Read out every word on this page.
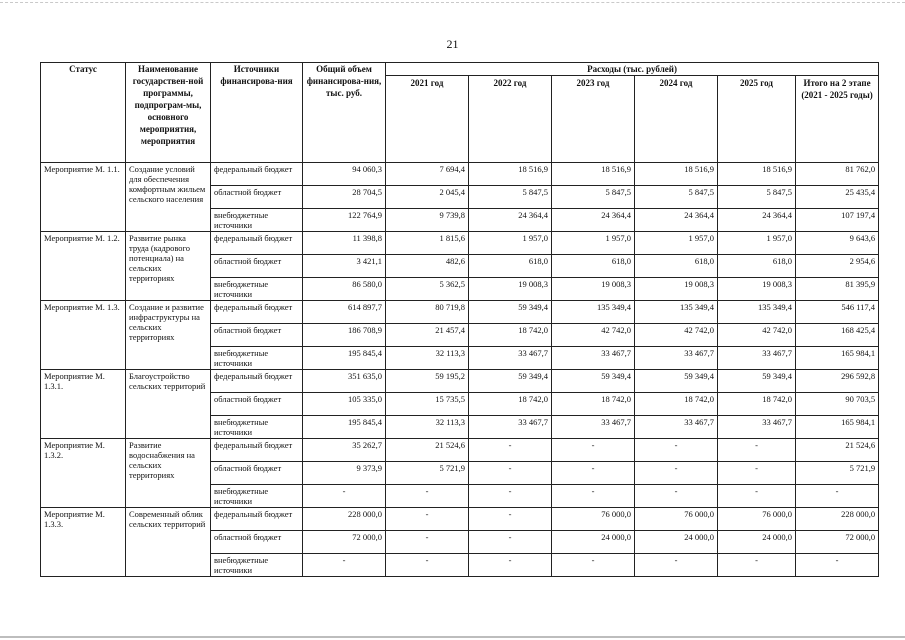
21
Статус	Наименование государствен-ной программы, подпрограм-мы, основного мероприятия, мероприятия	Источники финансирова-ния	Общий объем финансирова-ния, тыс. руб.	Расходы (тыс. рублей)					
				2021 год	2022 год	2023 год	2024 год	2025 год	Итого на 2 этапе (2021 - 2025 годы)
Мероприятие М. 1.1.	Создание условий для обеспечения комфортным жильем сельского населения	федеральный бюджет	94 060,3	7 694,4	18 516,9	18 516,9	18 516,9	18 516,9	81 762,0
		областной бюджет	28 704,5	2 045,4	5 847,5	5 847,5	5 847,5	5 847,5	25 435,4
		внебюджетные источники	122 764,9	9 739,8	24 364,4	24 364,4	24 364,4	24 364,4	107 197,4
Мероприятие М. 1.2.	Развитие рынка труда (кадрового потенциала) на сельских территориях	федеральный бюджет	11 398,8	1 815,6	1 957,0	1 957,0	1 957,0	1 957,0	9 643,6
		областной бюджет	3 421,1	482,6	618,0	618,0	618,0	618,0	2 954,6
		внебюджетные источники	86 580,0	5 362,5	19 008,3	19 008,3	19 008,3	19 008,3	81 395,9
Мероприятие М. 1.3.	Создание и развитие инфраструктуры на сельских территориях	федеральный бюджет	614 897,7	80 719,8	59 349,4	135 349,4	135 349,4	135 349,4	546 117,4
		областной бюджет	186 708,9	21 457,4	18 742,0	42 742,0	42 742,0	42 742,0	168 425,4
		внебюджетные источники	195 845,4	32 113,3	33 467,7	33 467,7	33 467,7	33 467,7	165 984,1
Мероприятие М. 1.3.1.	Благоустройство сельских территорий	федеральный бюджет	351 635,0	59 195,2	59 349,4	59 349,4	59 349,4	59 349,4	296 592,8
		областной бюджет	105 335,0	15 735,5	18 742,0	18 742,0	18 742,0	18 742,0	90 703,5
		внебюджетные источники	195 845,4	32 113,3	33 467,7	33 467,7	33 467,7	33 467,7	165 984,1
Мероприятие М. 1.3.2.	Развитие водоснабжения на сельских территориях	федеральный бюджет	35 262,7	21 524,6	-	-	-	-	21 524,6
		областной бюджет	9 373,9	5 721,9	-	-	-	-	5 721,9
		внебюджетные источники	-	-	-	-	-	-	-
Мероприятие М. 1.3.3.	Современный облик сельских территорий	федеральный бюджет	228 000,0	-	-	76 000,0	76 000,0	76 000,0	228 000,0
		областной бюджет	72 000,0	-	-	24 000,0	24 000,0	24 000,0	72 000,0
		внебюджетные источники	-	-	-	-	-	-	-
